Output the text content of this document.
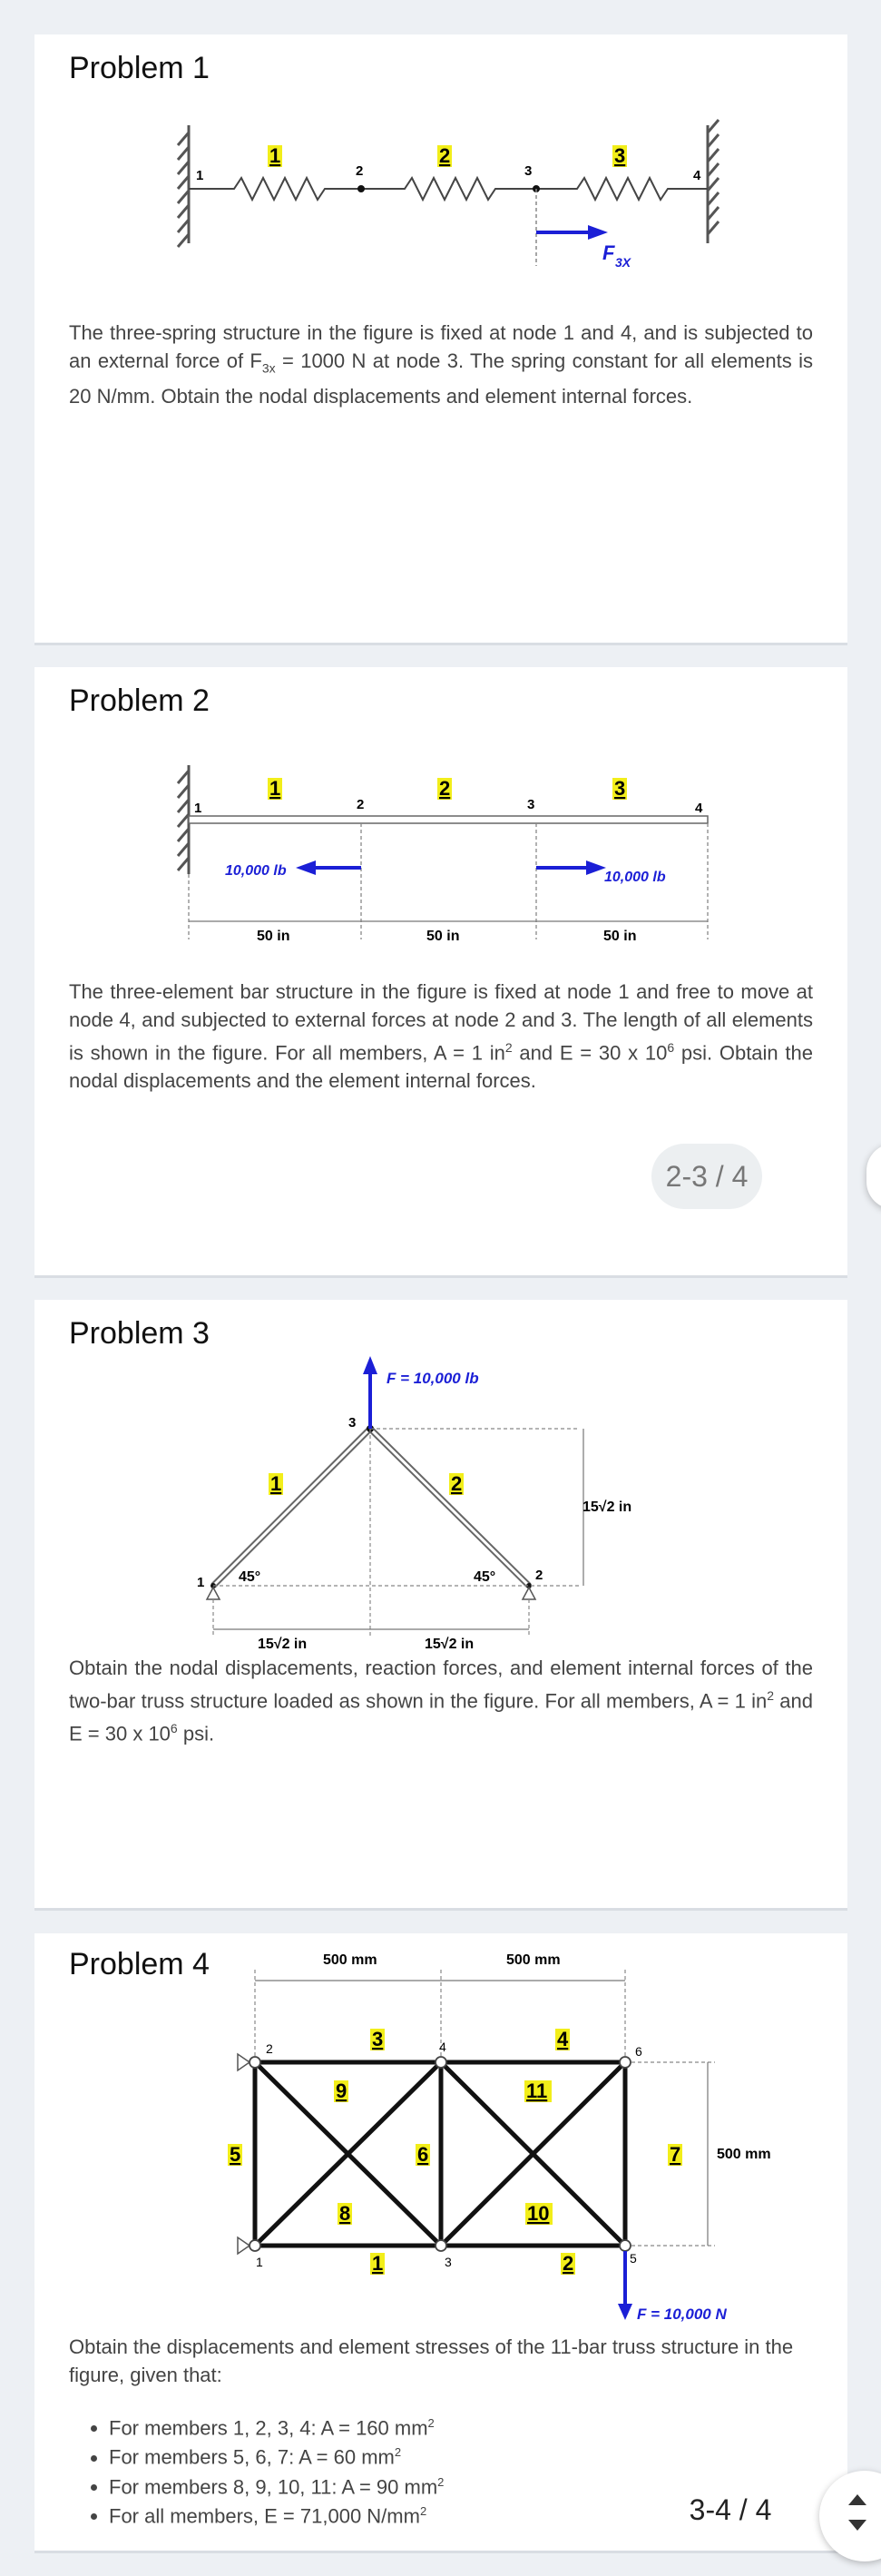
Problem 1
1	2	3	4
1	2	3
F 3X

The three-spring structure in the figure is fixed at node 1 and 4, and is subjected to an external force of $F_{3x} = 1000$ N at node 3. The spring constant for all elements is 20 N/mm. Obtain the nodal displacements and element internal forces.

Problem 2
1	2	3	4
1	2	3
10,000 lb	10,000 lb
50 in	50 in	50 in

The three-element bar structure in the figure is fixed at node 1 and free to move at node 4, and subjected to external forces at node 2 and 3. The length of all elements is shown in the figure. For all members, A = 1 $in^2$ and E = 30 x $10^6$ psi. Obtain the nodal displacements and the element internal forces.

2-3 / 4
Problem 3
F = 10,000 lb
1	2
3
1	2
45°	45°
15√2 in
15√2 in	15√2 in

Obtain the nodal displacements, reaction forces, and element internal forces of the two-bar truss structure loaded as shown in the figure. For all members, A = 1 $in^2$ and E = 30 x $10^6$ psi.

Problem 4	500 mm	500 mm
500 mm
1
2
3
4
5
6
3	4
9	11
5	6	7
8	10
1	2
F = 10,000 N

Obtain the displacements and element stresses of the 11-bar truss structure in the figure, given that:

• For members 1, 2, 3, 4: A = 160 $mm^2$
• For members 5, 6, 7: A = 60 $mm^2$
• For members 8, 9, 10, 11: A = 90 $mm^2$
• For all members, E = 71,000 $N/mm^2$	3-4 / 4
